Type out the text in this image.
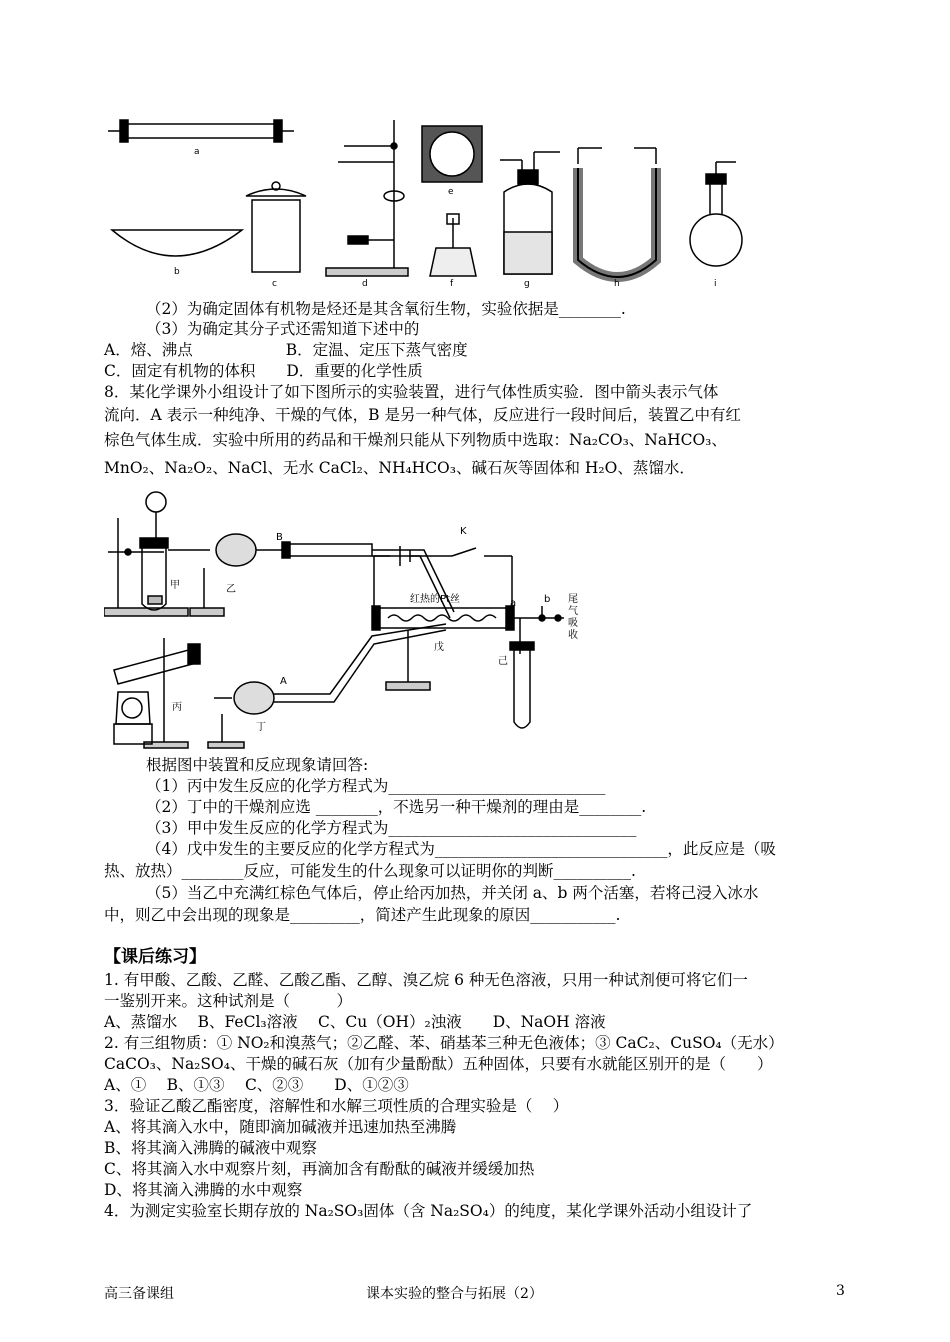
a
b
c	d
e
f	g	h	i
（2）为确定固体有机物是烃还是其含氧衍生物，实验依据是________.
（3）为确定其分子式还需知道下述中的
A．熔、沸点　　　　　　B．定温、定压下蒸气密度
C．固定有机物的体积　　D．重要的化学性质
8．某化学课外小组设计了如下图所示的实验装置，进行气体性质实验．图中箭头表示气体
流向．A 表示一种纯净、干燥的气体，B 是另一种气体，反应进行一段时间后，装置乙中有红
棕色气体生成．实验中所用的药品和干燥剂只能从下列物质中选取：Na₂CO₃、NaHCO₃、
MnO₂、Na₂O₂、NaCl、无水 CaCl₂、NH₄HCO₃、碱石灰等固体和 H₂O、蒸馏水．
B
A
甲	乙
丙
丁
戊
己
K
红热的Pt丝	a	b 尾
气
吸
收
根据图中装置和反应现象请回答:
（1）丙中发生反应的化学方程式为____________________________
（2）丁中的干燥剂应选 ________，不选另一种干燥剂的理由是________.
（3）甲中发生反应的化学方程式为________________________________
（4）戊中发生的主要反应的化学方程式为______________________________，此反应是（吸
热、放热）________反应，可能发生的什么现象可以证明你的判断__________.
（5）当乙中充满红棕色气体后，停止给丙加热，并关闭 a、b 两个活塞，若将己浸入冰水
中，则乙中会出现的现象是_________，简述产生此现象的原因___________.
【课后练习】
1. 有甲酸、乙酸、乙醛、乙酸乙酯、乙醇、溴乙烷 6 种无色溶液，只用一种试剂便可将它们一
一鉴别开来。这种试剂是（　　　）
A、蒸馏水　 B、FeCl₃溶液　 C、Cu（OH）₂浊液　　D、NaOH 溶液
2. 有三组物质：① NO₂和溴蒸气；②乙醛、苯、硝基苯三种无色液体；③ CaC₂、CuSO₄（无水）
CaCO₃、Na₂SO₄、干燥的碱石灰（加有少量酚酞）五种固体，只要有水就能区别开的是（　　）
A、①　 B、①③　 C、②③　　D、①②③
3．验证乙酸乙酯密度，溶解性和水解三项性质的合理实验是（　 ）
A、将其滴入水中，随即滴加碱液并迅速加热至沸腾
B、将其滴入沸腾的碱液中观察
C、将其滴入水中观察片刻，再滴加含有酚酞的碱液并缓缓加热
D、将其滴入沸腾的水中观察
4．为测定实验室长期存放的 Na₂SO₃固体（含 Na₂SO₄）的纯度，某化学课外活动小组设计了
高三备课组	课本实验的整合与拓展（2）	3
